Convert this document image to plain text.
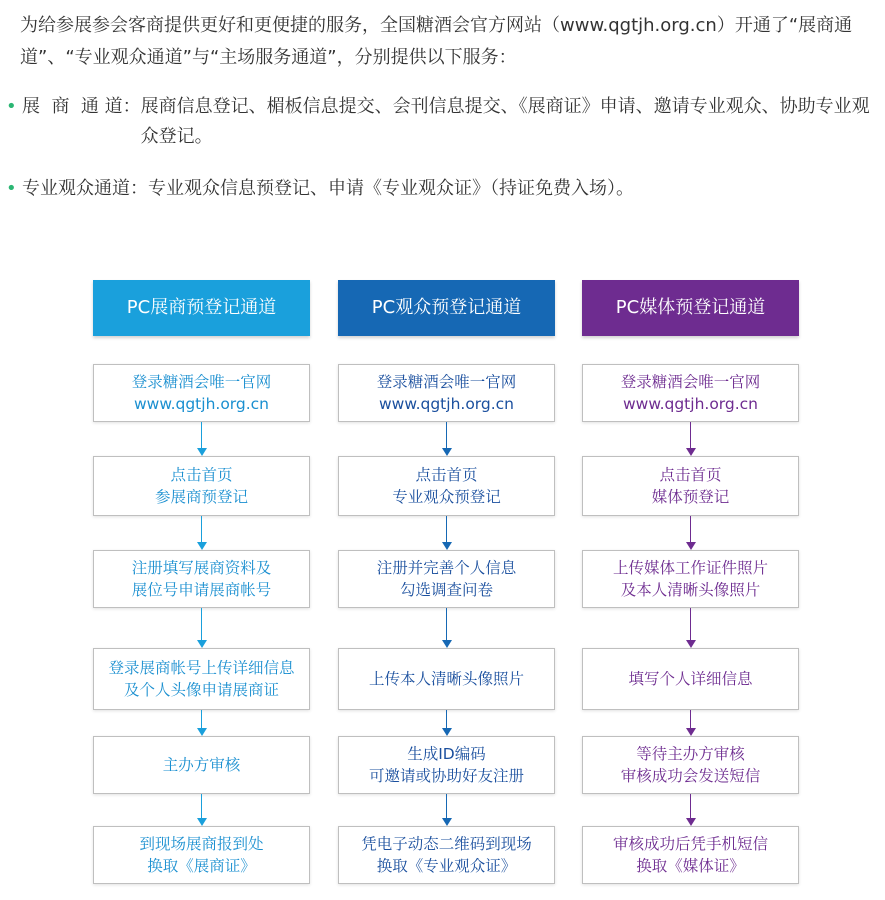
为给参展参会客商提供更好和更便捷的服务，全国糖酒会官方网站（www.qgtjh.org.cn）开通了“展商通道”、“专业观众通道”与“主场服务通道”，分别提供以下服务：

• 展  商  通 道： 展商信息登记、楣板信息提交、会刊信息提交、《展商证》申请、邀请专业观众、协助专业观众登记。
• 专业观众通道： 专业观众信息预登记、申请《专业观众证》（持证免费入场）。
PC展商预登记通道
登录糖酒会唯一官网
www.qgtjh.org.cn
点击首页
参展商预登记
注册填写展商资料及
展位号申请展商帐号
登录展商帐号上传详细信息
及个人头像申请展商证
主办方审核
到现场展商报到处
换取《展商证》
PC观众预登记通道
登录糖酒会唯一官网
www.qgtjh.org.cn
点击首页
专业观众预登记
注册并完善个人信息
勾选调查问卷
上传本人清晰头像照片
生成ID编码
可邀请或协助好友注册
凭电子动态二维码到现场
换取《专业观众证》
PC媒体预登记通道
登录糖酒会唯一官网
www.qgtjh.org.cn
点击首页
媒体预登记
上传媒体工作证件照片
及本人清晰头像照片
填写个人详细信息
等待主办方审核
审核成功会发送短信
审核成功后凭手机短信
换取《媒体证》
